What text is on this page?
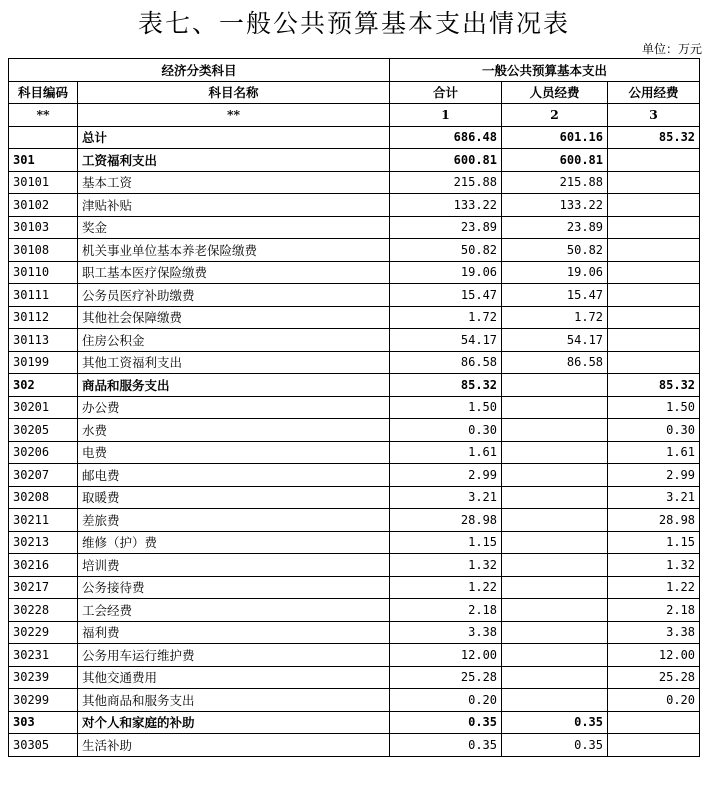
表七、一般公共预算基本支出情况表
单位：万元
经济分类科目		一般公共预算基本支出		
科目编码	科目名称	合计	人员经费	公用经费
**	**	1	2	3
	总计	686.48	601.16	85.32
301	工资福利支出	600.81	600.81	
30101	基本工资	215.88	215.88	
30102	津贴补贴	133.22	133.22	
30103	奖金	23.89	23.89	
30108	机关事业单位基本养老保险缴费	50.82	50.82	
30110	职工基本医疗保险缴费	19.06	19.06	
30111	公务员医疗补助缴费	15.47	15.47	
30112	其他社会保障缴费	1.72	1.72	
30113	住房公积金	54.17	54.17	
30199	其他工资福利支出	86.58	86.58	
302	商品和服务支出	85.32		85.32
30201	办公费	1.50		1.50
30205	水费	0.30		0.30
30206	电费	1.61		1.61
30207	邮电费	2.99		2.99
30208	取暖费	3.21		3.21
30211	差旅费	28.98		28.98
30213	维修（护）费	1.15		1.15
30216	培训费	1.32		1.32
30217	公务接待费	1.22		1.22
30228	工会经费	2.18		2.18
30229	福利费	3.38		3.38
30231	公务用车运行维护费	12.00		12.00
30239	其他交通费用	25.28		25.28
30299	其他商品和服务支出	0.20		0.20
303	对个人和家庭的补助	0.35	0.35	
30305	生活补助	0.35	0.35	
